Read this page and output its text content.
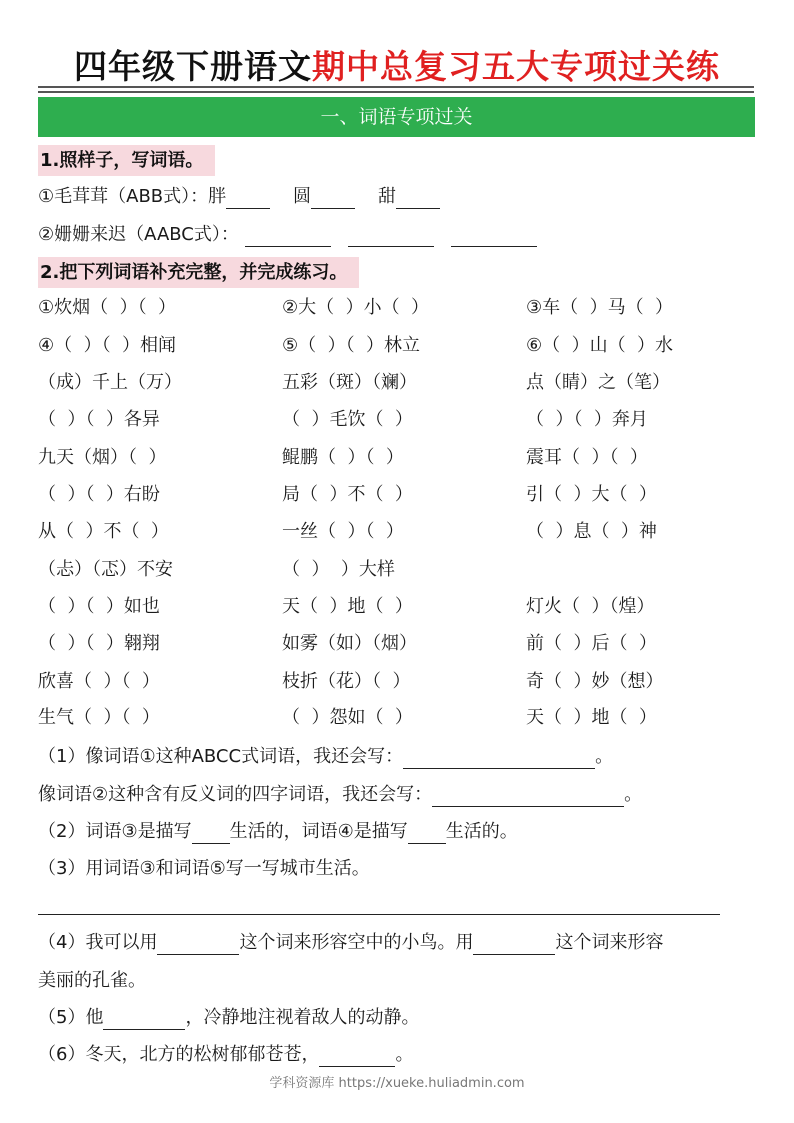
四年级下册语文期中总复习五大专项过关练
一、词语专项过关
1.照样子，写词语。
①毛茸茸（ABB式）：胖	圆	甜
②姗姗来迟（AABC式）：
2.把下列词语补充完整，并完成练习。
①炊烟（  ）（  ）	②大（  ）小（  ）	③车（  ）马（  ）
④（  ）（  ）相闻	⑤（  ）（  ）林立	⑥（  ）山（  ）水
（成）千上（万）	五彩（斑）（斓）	点（睛）之（笔）
（  ）（  ）各异	（  ）毛饮（  ）	（  ）（  ）奔月
九天（烟）（  ）	鲲鹏（  ）（  ）	震耳（  ）（  ）
（  ）（  ）右盼	局（  ）不（  ）	引（  ）大（  ）
从（  ）不（  ）	一丝（  ）（  ）	（  ）息（  ）神
（忐）（忑）不安	（  ）  ）大样
（  ）（  ）如也	天（  ）地（  ）	灯火（  ）（煌）
（  ）（  ）翱翔	如雾（如）（烟）	前（  ）后（  ）
欣喜（  ）（  ）	枝折（花）（  ）	奇（  ）妙（想）
生气（  ）（  ）	（  ）怨如（  ）	天（  ）地（  ）
（1）像词语①这种ABCC式词语，我还会写：	。
像词语②这种含有反义词的四字词语，我还会写：	。
（2）词语③是描写 生活的，词语④是描写 生活的。
（3）用词语③和词语⑤写一写城市生活。
（4）我可以用	这个词来形容空中的小鸟。用	这个词来形容
美丽的孔雀。
（5）他	，冷静地注视着敌人的动静。
（6）冬天，北方的松树郁郁苍苍，	。
学科资源库 https://xueke.huliadmin.com
